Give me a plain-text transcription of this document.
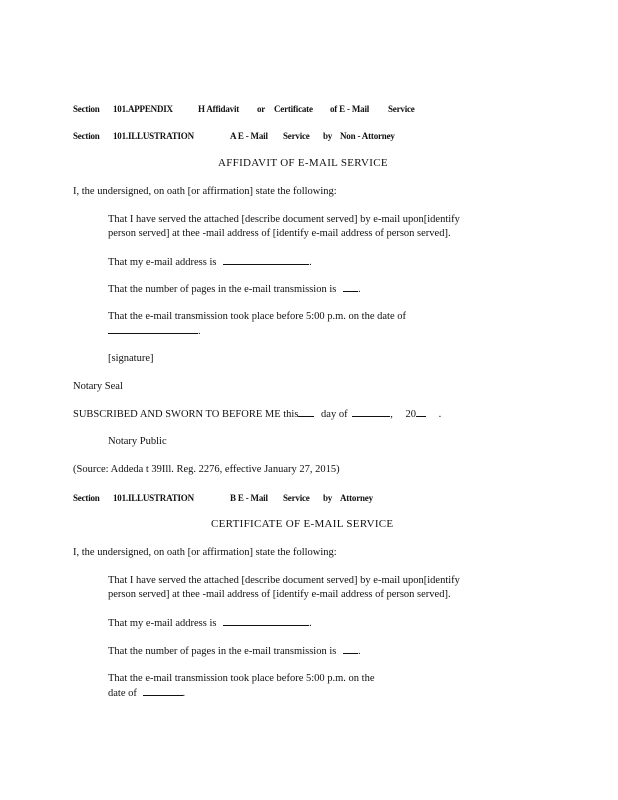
Section 101.APPENDIX	H Affidavit or Certificate of E - Mail Service
Section 101.ILLUSTRATION	A E - Mail Service by Non - Attorney
AFFIDAVIT OF E-MAIL SERVICE
I, the undersigned, on oath [or affirmation] state the following:
That I have served the attached [describe document served] by e-mail upon[identify
person served] at thee -mail address of [identify e-mail address of person served].
That my e-mail address is	.
That the number of pages in the e-mail transmission is .
That the e-mail transmission took place before 5:00 p.m. on the date of
.
[signature]
Notary Seal
SUBSCRIBED AND SWORN TO BEFORE ME this day of	, 20 .
Notary Public
(Source: Addeda t 39Ill. Reg. 2276, effective January 27, 2015)
Section 101.ILLUSTRATION	B E - Mail Service by Attorney
CERTIFICATE OF E-MAIL SERVICE
I, the undersigned, on oath [or affirmation] state the following:
That I have served the attached [describe document served] by e-mail upon[identify
person served] at thee -mail address of [identify e-mail address of person served].
That my e-mail address is	.
That the number of pages in the e-mail transmission is .
That the e-mail transmission took place before 5:00 p.m. on the
date of	.
